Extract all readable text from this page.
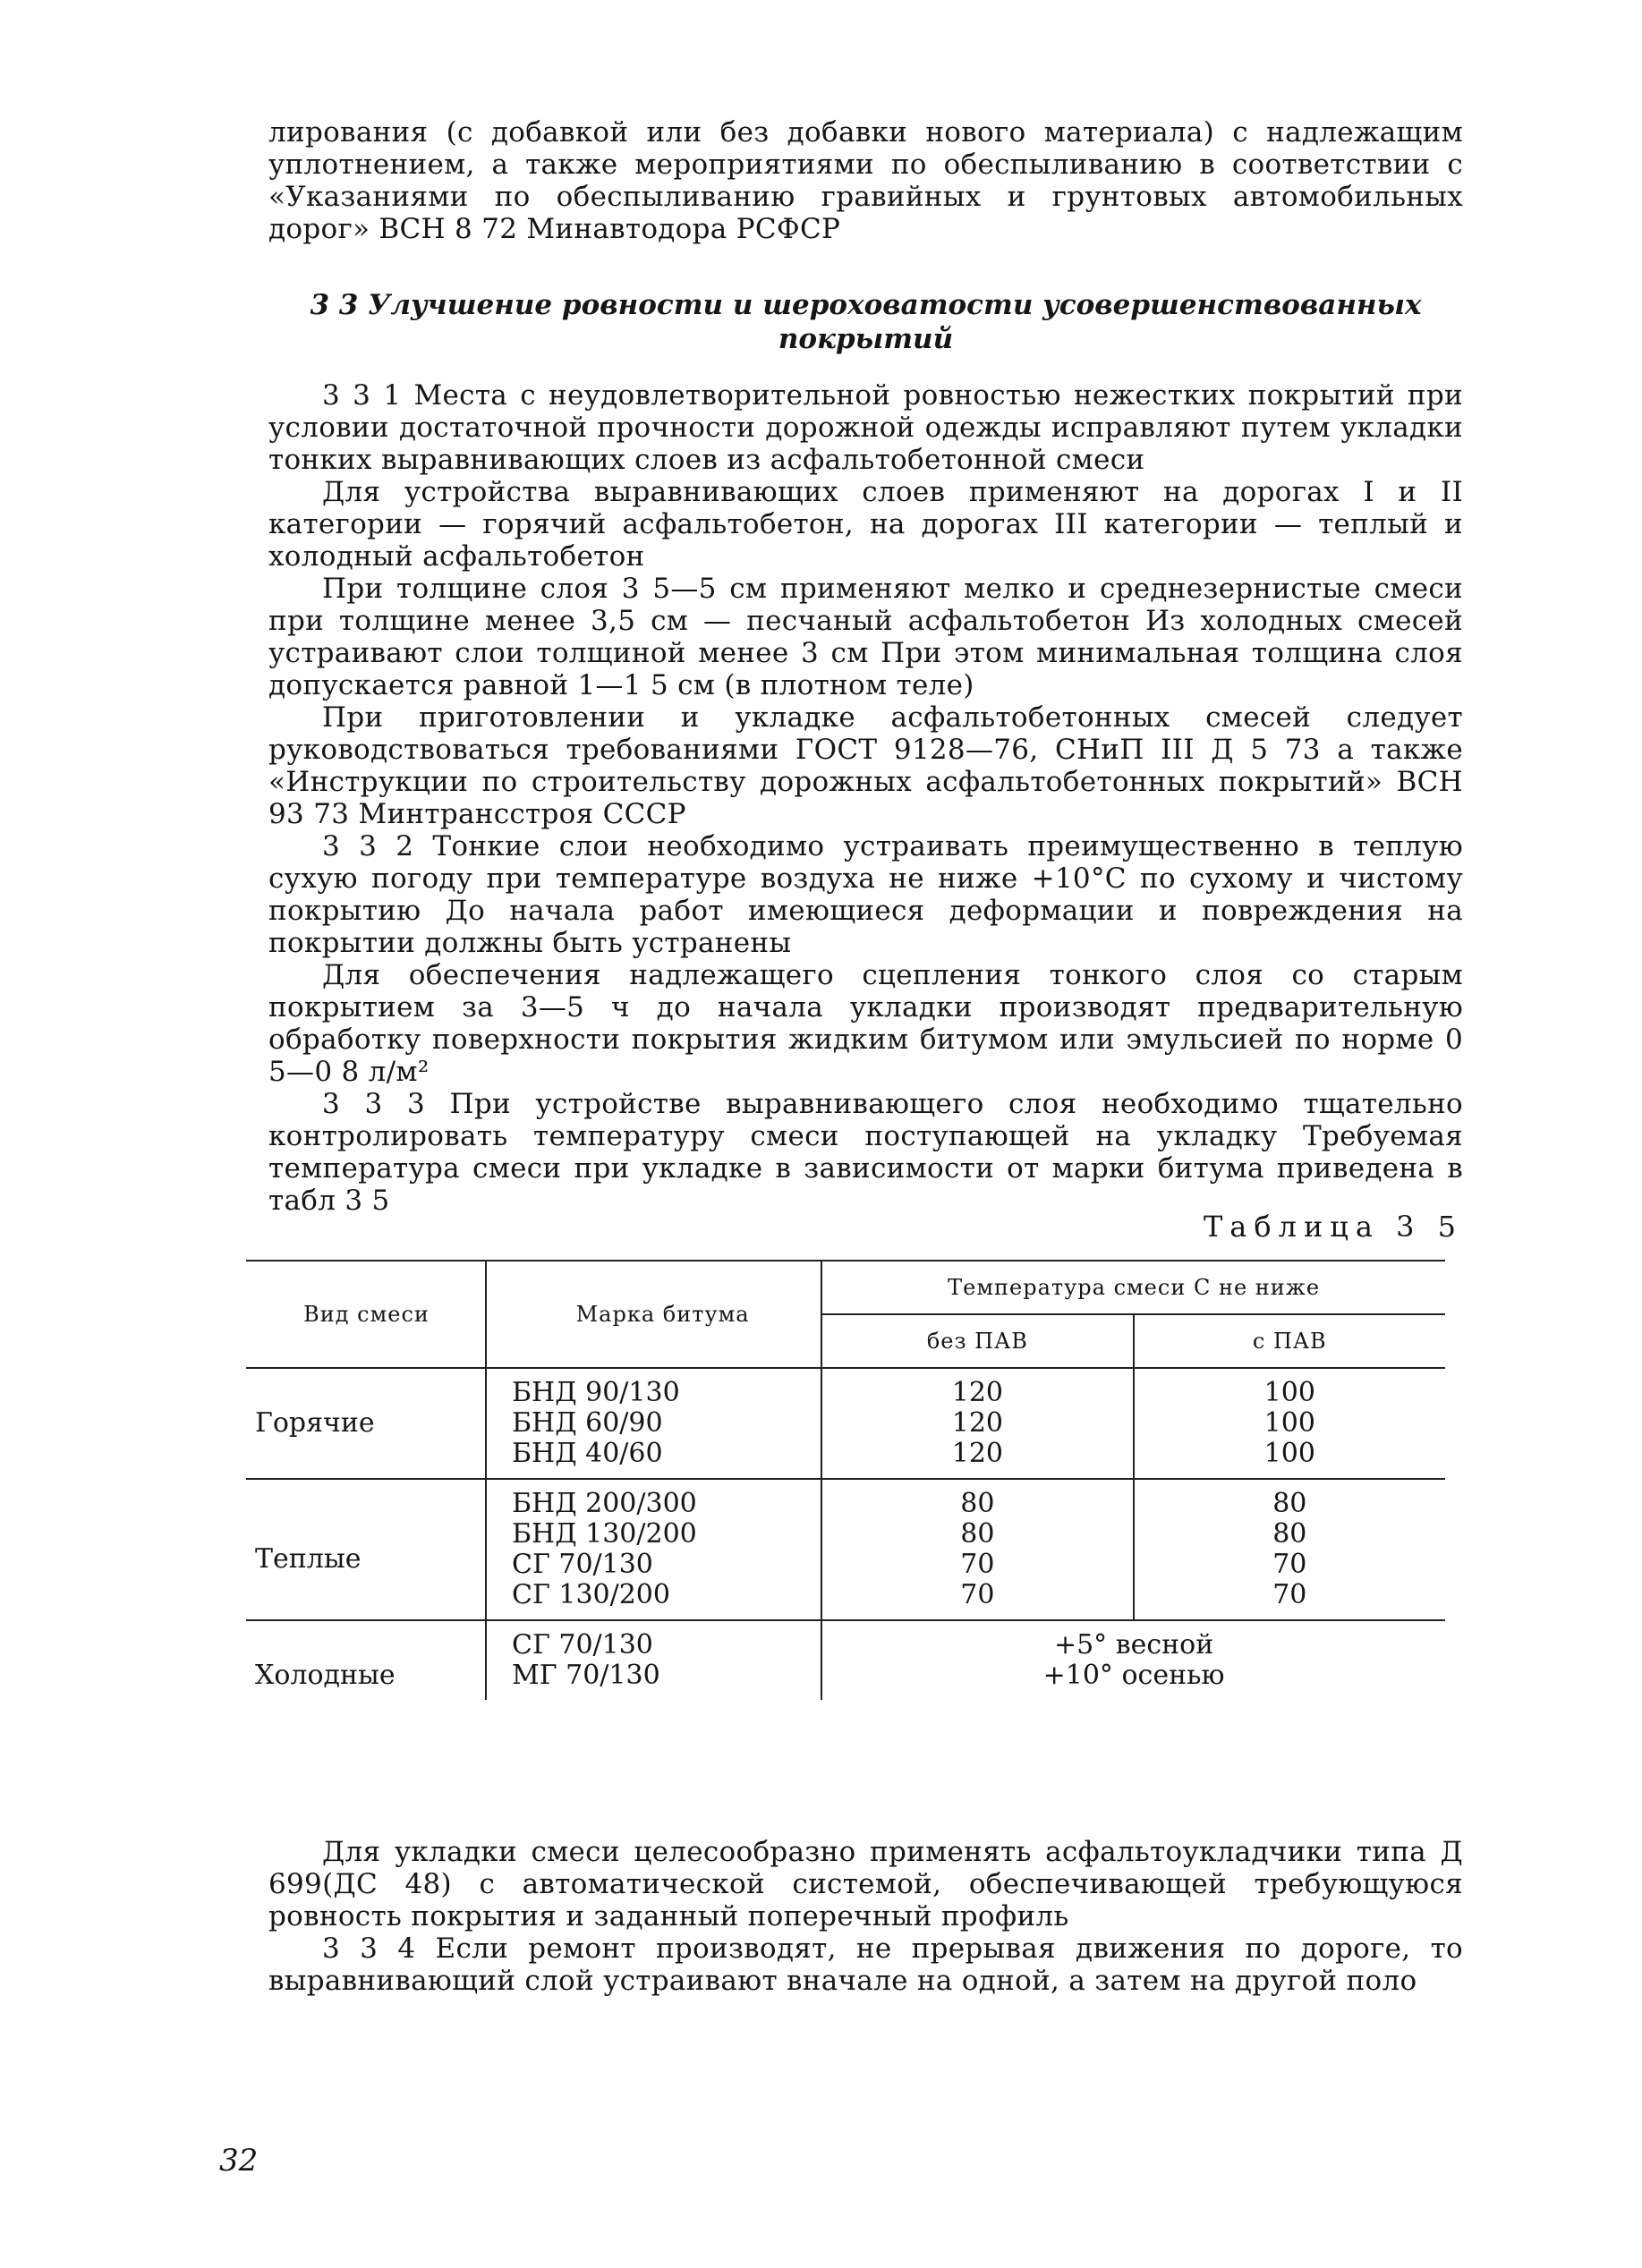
лирования (с добавкой или без добавки нового материала) с надлежащим уплотнением, а также мероприятиями по обеспыливанию в соответствии с «Указаниями по обеспыливанию гравийных и грунтовых автомобильных дорог» ВСН 8 72 Минавтодора РСФСР

3 3 Улучшение ровности и шероховатости усовершенствованных покрытий

3 3 1 Места с неудовлетворительной ровностью нежестких покрытий при условии достаточной прочности дорожной одежды исправляют путем укладки тонких выравнивающих слоев из асфальтобетонной смеси

Для устройства выравнивающих слоев применяют на дорогах I и II категории — горячий асфальтобетон, на дорогах III категории — теплый и холодный асфальтобетон

При толщине слоя 3 5—5 см применяют мелко и среднезернистые смеси при толщине менее 3,5 см — песчаный асфальтобетон Из холодных смесей устраивают слои толщиной менее 3 см При этом минимальная толщина слоя допускается равной 1—1 5 см (в плотном теле)

При приготовлении и укладке асфальтобетонных смесей следует руководствоваться требованиями ГОСТ 9128—76, СНиП III Д 5 73 а также «Инструкции по строительству дорожных асфальтобетонных покрытий» ВСН 93 73 Минтрансстроя СССР

3 3 2 Тонкие слои необходимо устраивать преимущественно в теплую сухую погоду при температуре воздуха не ниже +10°С по сухому и чистому покрытию До начала работ имеющиеся деформации и повреждения на покрытии должны быть устранены

Для обеспечения надлежащего сцепления тонкого слоя со старым покрытием за 3—5 ч до начала укладки производят предварительную обработку поверхности покрытия жидким битумом или эмульсией по норме 0 5—0 8 л/м²

3 3 3 При устройстве выравнивающего слоя необходимо тщательно контролировать температуру смеси поступающей на укладку Требуемая температура смеси при укладке в зависимости от марки битума приведена в табл 3 5

Таблица 3 5

Вид смеси	Марка битума	Температура смеси С не ниже	
		без ПАВ	с ПАВ
Горячие	БНД 90/130
БНД 60/90
БНД 40/60	120
120
120	100
100
100

Теплые	БНД 200/300
БНД 130/200
СГ 70/130
СГ 130/200	80
80
70
70	80
80
70
70

Холодные	СГ 70/130
МГ 70/130	+5° весной
+10° осенью	

Для укладки смеси целесообразно применять асфальтоукладчики типа Д 699(ДС 48) с автоматической системой, обеспечивающей требующуюся ровность покрытия и заданный поперечный профиль

3 3 4 Если ремонт производят, не прерывая движения по дороге, то выравнивающий слой устраивают вначале на одной, а затем на другой поло

32
